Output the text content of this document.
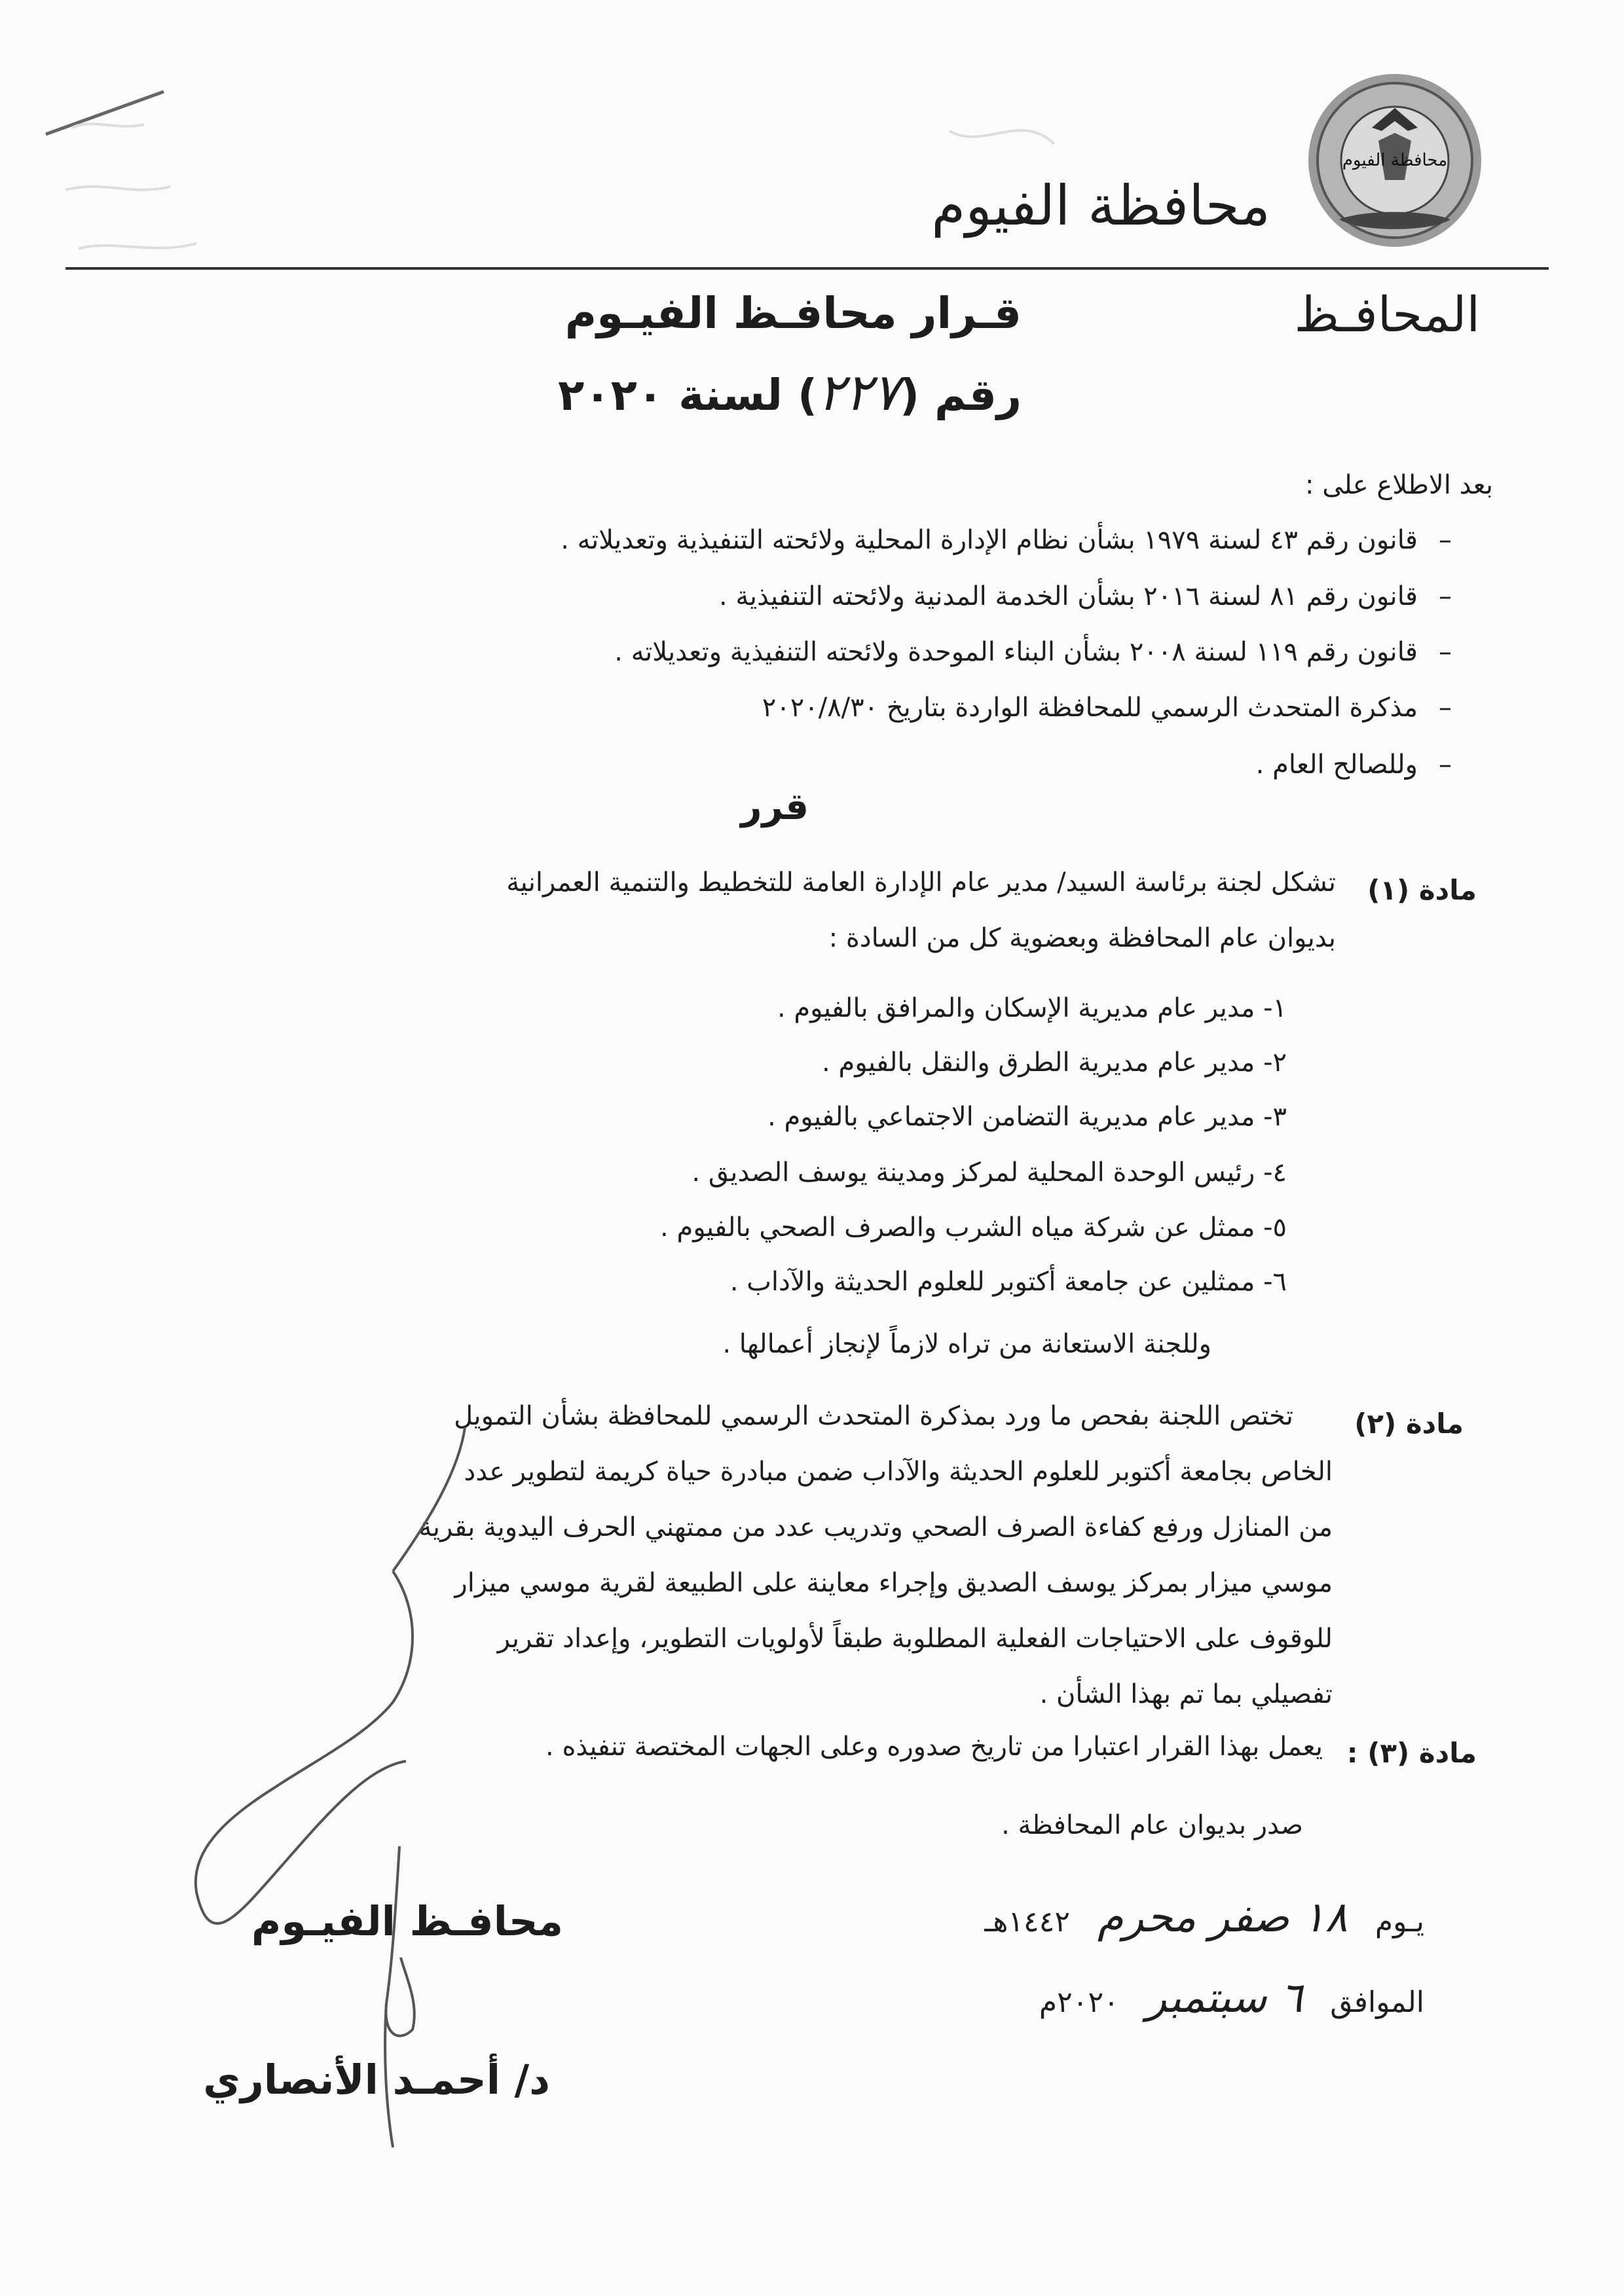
محافظة الفيوم
محافظة الفيوم
المحافـظ
قـرار محافـظ الفيـوم
رقم (٢٢٧) لسنة ٢٠٢٠
بعد الاطلاع على :
قانون رقم ٤٣ لسنة ١٩٧٩ بشأن نظام الإدارة المحلية ولائحته التنفيذية وتعديلاته . –
قانون رقم ٨١ لسنة ٢٠١٦ بشأن الخدمة المدنية ولائحته التنفيذية . –
قانون رقم ١١٩ لسنة ٢٠٠٨ بشأن البناء الموحدة ولائحته التنفيذية وتعديلاته . –
مذكرة المتحدث الرسمي للمحافظة الواردة بتاريخ ٢٠٢٠/٨/٣٠ –
وللصالح العام . –
قرر
مادة (١)
تشكل لجنة برئاسة السيد/ مدير عام الإدارة العامة للتخطيط والتنمية العمرانية
بديوان عام المحافظة وبعضوية كل من السادة :
١- مدير عام مديرية الإسكان والمرافق بالفيوم .
٢- مدير عام مديرية الطرق والنقل بالفيوم .
٣- مدير عام مديرية التضامن الاجتماعي بالفيوم .
٤- رئيس الوحدة المحلية لمركز ومدينة يوسف الصديق .
٥- ممثل عن شركة مياه الشرب والصرف الصحي بالفيوم .
٦- ممثلين عن جامعة أكتوبر للعلوم الحديثة والآداب .
وللجنة الاستعانة من تراه لازماً لإنجاز أعمالها .
مادة (٢)
تختص اللجنة بفحص ما ورد بمذكرة المتحدث الرسمي للمحافظة بشأن التمويل
الخاص بجامعة أكتوبر للعلوم الحديثة والآداب ضمن مبادرة حياة كريمة لتطوير عدد
من المنازل ورفع كفاءة الصرف الصحي وتدريب عدد من ممتهني الحرف اليدوية بقرية
موسي ميزار بمركز يوسف الصديق وإجراء معاينة على الطبيعة لقرية موسي ميزار
للوقوف على الاحتياجات الفعلية المطلوبة طبقاً لأولويات التطوير، وإعداد تقرير
تفصيلي بما تم بهذا الشأن .
مادة (٣) :
يعمل بهذا القرار اعتبارا من تاريخ صدوره وعلى الجهات المختصة تنفيذه .
صدر بديوان عام المحافظة .
يـوم   ١٨ صفر محرم   ١٤٤٢هـ
الموافق   ٦ سبتمبر   ٢٠٢٠م
محافـظ الفيـوم
د/ أحمـد الأنصاري
